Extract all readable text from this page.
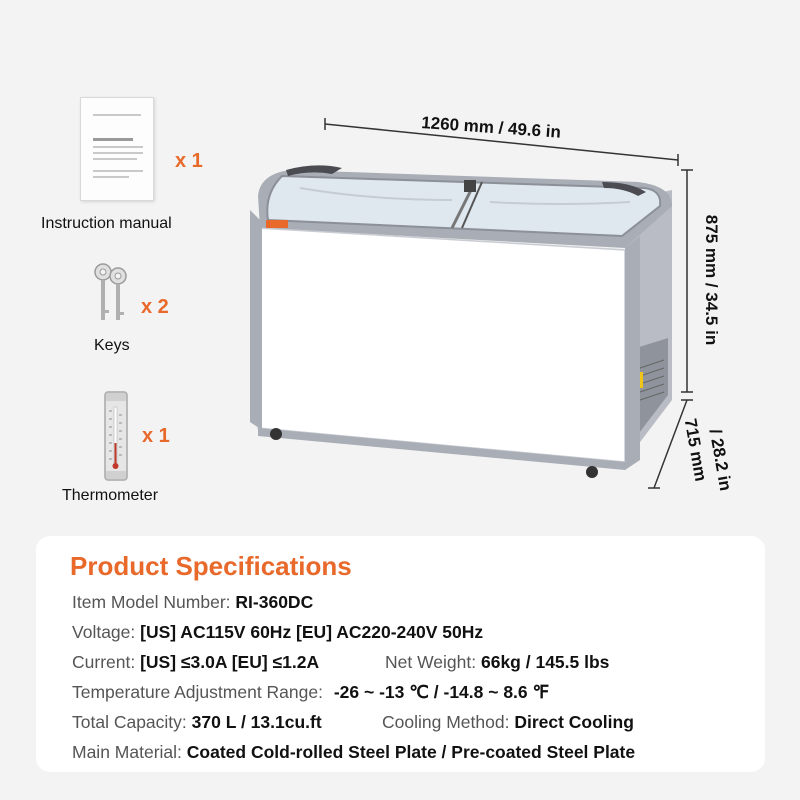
x 1
Instruction manual
x 2
Keys
x 1
Thermometer
1260 mm / 49.6 in
875 mm / 34.5 in
715 mm
/ 28.2 in
Product Specifications
Item Model Number: RI-360DC
Voltage: [US] AC115V 60Hz [EU] AC220-240V 50Hz
Current: [US] ≤3.0A [EU] ≤1.2A	Net Weight: 66kg / 145.5 lbs
Temperature Adjustment Range: -26 ~ -13 ℃ / -14.8 ~ 8.6 ℉
Total Capacity: 370 L / 13.1cu.ft	Cooling Method: Direct Cooling
Main Material: Coated Cold-rolled Steel Plate / Pre-coated Steel Plate
